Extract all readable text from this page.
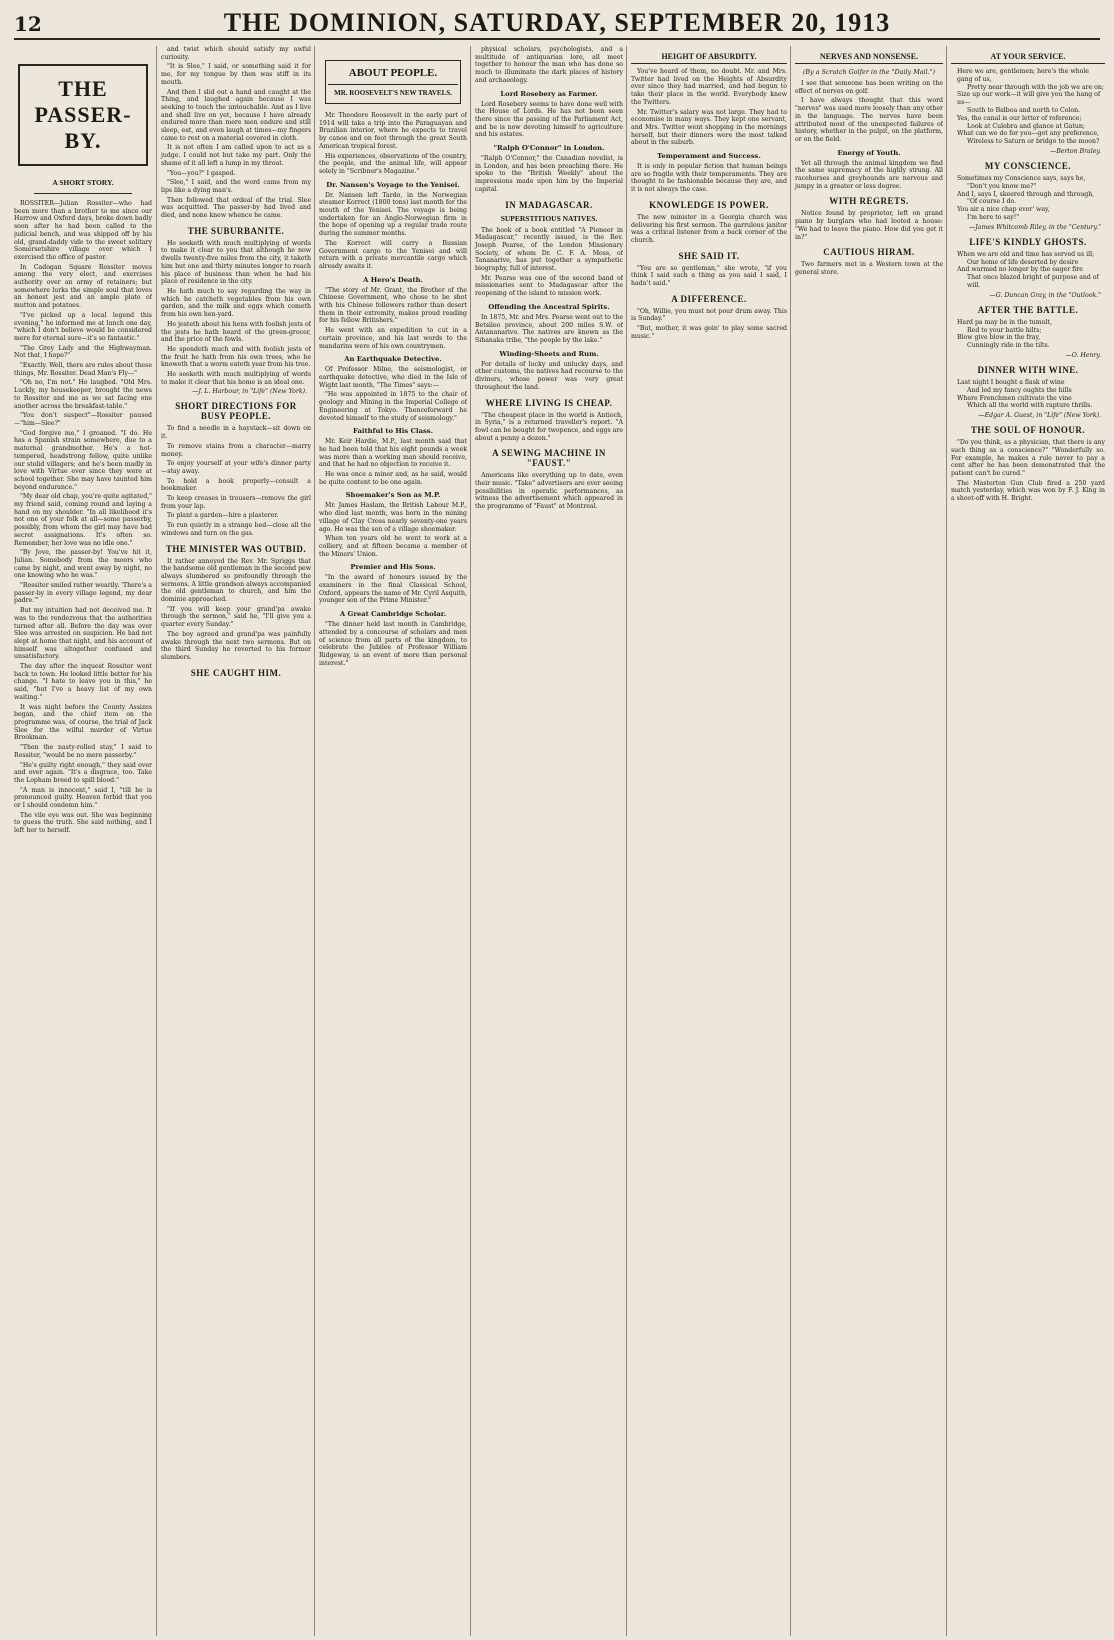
12	THE DOMINION, SATURDAY, SEPTEMBER 20, 1913
THE PASSER-BY.
A SHORT STORY.

ROSSITER—Julian Rossiter—who had been more than a brother to me since our Harrow and Oxford days, broke down badly soon after he had been called to the judicial bench, and was shipped off by his old, grand-daddy vide to the sweet solitary Somersetshire village over which I exercised the office of pastor.

In Cadogan Square Rossiter moves among the very elect, and exercises authority over an army of retainers; but somewhere lurks the simple soul that loves an honest jest and an ample plate of mutton and potatoes.

"I've picked up a local legend this evening," he informed me at lunch one day, "which I don't believe would be considered mere for eternal sure—it's so fantastic."

"The Grey Lady and the Highwayman. Not that, I hope?"

"Exactly. Well, there are rules about these things, Mr. Rossiter. Dead Man's Fly—"

"Oh no, I'm not." He laughed. "Old Mrs. Luckly, my housekeeper, brought the news to Rossiter and me as we sat facing one another across the breakfast-table."

"You don't suspect"—Rossiter paused—"him—Slee?"

"God forgive me," I groaned. "I do. He has a Spanish strain somewhere, due to a maternal grandmother. He's a hot-tempered, headstrong fellow, quite unlike our stolid villagers; and he's been madly in love with Virtue ever since they were at school together. She may have taunted him beyond endurance."

"My dear old chap, you're quite agitated," my friend said, coming round and laying a hand on my shoulder. "In all likelihood it's not one of your folk at all—some passerby, possibly, from whom the girl may have had secret assignations. It's often so. Remember, her love was no idle one."

"By Jove, the passer-by! You've hit it, Julian. Somebody from the moors who came by night, and went away by night, no one knowing who he was."

"Rossiter smiled rather wearily. 'There's a passer-by in every village legend, my dear padre.'"

But my intuition had not deceived me. It was to the rendezvous that the authorities turned after all. Before the day was over Slee was arrested on suspicion. He had not slept at home that night, and his account of himself was altogether confused and unsatisfactory.

The day after the inquest Rossiter went back to town. He looked little better for his change. "I hate to leave you in this," he said, "but I've a heavy list of my own waiting."

It was night before the County Assizes began, and the chief item on the programme was, of course, the trial of Jack Slee for the wilful murder of Virtue Brookman.

"Then the nasty-rolled stay," I said to Rossiter, "would be no mere passerby."

"He's guilty right enough," they said over and over again. "It's a disgrace, too. Take the Lopham breed to spill blood."

"A man is innocent," said I, "till he is pronounced guilty. Heaven forbid that you or I should condemn him."

The vile eye was out. She was beginning to guess the truth. She said nothing, and I left her to herself.

and twist which should satisfy my awful curiosity.

"It is Slee," I said, or something said it for me, for my tongue by then was stiff in its mouth.

And then I slid out a hand and caught at the Thing, and laughed again because I was seeking to touch the untouchable. And as I live and shall live on yet, because I have already endured more than mere men endure and still sleep, eat, and even laugh at times—my fingers came to rest on a material covered in cloth.

It is not often I am called upon to act as a judge. I could not but take my part. Only the shame of it all left a lump in my throat.

"You—you?" I gasped.

"Slee," I said, and the word came from my lips like a dying man's.

Then followed that ordeal of the trial. Slee was acquitted. The passer-by had lived and died, and none knew whence he came.

THE SUBURBANITE.

He seeketh with much multiplying of words to make it clear to you that although he now dwells twenty-five miles from the city, it taketh him but one and thirty minutes longer to reach his place of business than when he had his place of residence in the city.

He hath much to say regarding the way in which he catcheth vegetables from his own garden, and the milk and eggs which cometh from his own hen-yard.

He jesteth about his hens with foolish jests of the jests he hath heard of the green-grocer, and the price of the fowls.

He spendeth much and with foolish jests of the fruit he hath from his own trees, who he knoweth that a worm eateth year from his tree.

He seeketh with much multiplying of words to make it clear that his home is an ideal one.

—J. L. Harbour, in "Life" (New York).
SHORT DIRECTIONS FOR BUSY PEOPLE.

To find a needle in a haystack—sit down on it.

To remove stains from a character—marry money.

To enjoy yourself at your wife's dinner party—stay away.

To hold a book properly—consult a bookmaker.

To keep creases in trousers—remove the girl from your lap.

To plant a garden—hire a plasterer.

To run quietly in a strange bed—close all the windows and turn on the gas.

THE MINISTER WAS OUTBID.

It rather annoyed the Rev. Mr. Spriggs that the handsome old gentleman in the second pew always slumbered so profoundly through the sermons. A little grandson always accompanied the old gentleman to church, and him the dominie approached.

"If you will keep your grand'pa awake through the sermon," said he, "I'll give you a quarter every Sunday."

The boy agreed and grand'pa was painfully awake through the next two sermons. But on the third Sunday he reverted to his former slumbers.

SHE CAUGHT HIM.
ABOUT PEOPLE.
MR. ROOSEVELT'S NEW TRAVELS.

Mr. Theodore Roosevelt in the early part of 1914 will take a trip into the Paraguayan and Brazilian interior, where he expects to travel by canoe and on foot through the great South American tropical forest.

His experiences, observations of the country, the people, and the animal life, will appear solely in "Scribner's Magazine."

Dr. Nansen's Voyage to the Yenisei.

Dr. Nansen left Tardo, in the Norwegian steamer Korrect (1800 tons) last month for the mouth of the Yenisei. The voyage is being undertaken for an Anglo-Norwegian firm in the hope of opening up a regular trade route during the summer months.

The Korrect will carry a Russian Government cargo to the Yenisei and will return with a private mercantile cargo which already awaits it.

A Hero's Death.

"The story of Mr. Grant, the Brother of the Chinese Government, who chose to be shot with his Chinese followers rather than desert them in their extremity, makes proud reading for his fellow Britishers."

He went with an expedition to cut in a certain province, and his last words to the mandarins were of his own countrymen.

An Earthquake Detective.

Of Professor Milne, the seismologist, or earthquake detective, who died in the Isle of Wight last month, "The Times" says:—

"He was appointed in 1875 to the chair of geology and Mining in the Imperial College of Engineering at Tokyo. Thenceforward he devoted himself to the study of seismology."

Faithful to His Class.

Mr. Keir Hardie, M.P., last month said that he had been told that his eight pounds a week was more than a working man should receive, and that he had no objection to receive it.

He was once a miner and, as he said, would be quite content to be one again.

Shoemaker's Son as M.P.

Mr. James Haslam, the British Labour M.P., who died last month, was born in the mining village of Clay Cross nearly seventy-one years ago. He was the son of a village shoemaker.

When ten years old he went to work at a colliery, and at fifteen became a member of the Miners' Union.

Premier and His Sons.

"In the award of honours issued by the examiners in the final Classical School, Oxford, appears the name of Mr. Cyril Asquith, younger son of the Prime Minister."

A Great Cambridge Scholar.

"The dinner held last month in Cambridge, attended by a concourse of scholars and men of science from all parts of the kingdom, to celebrate the Jubilee of Professor William Ridgeway, is an event of more than personal interest."

physical scholars, psychologists, and a multitude of antiquarian lore, all meet together to honour the man who has done so much to illuminate the dark places of history and archaeology.

Lord Rosebery as Farmer.

Lord Rosebery seems to have done well with the House of Lords. He has not been seen there since the passing of the Parliament Act, and he is now devoting himself to agriculture and his estates.

"Ralph O'Connor" in London.

"Ralph O'Connor," the Canadian novelist, is in London, and has been preaching there. He spoke to the "British Weekly" about the impressions made upon him by the Imperial capital.

IN MADAGASCAR.
SUPERSTITIOUS NATIVES.

The book of a book entitled "A Pioneer in Madagascar," recently issued, is the Rev. Joseph Pearse, of the London Missionary Society, of whom Dr. C. F. A. Moss, of Tananarive, has put together a sympathetic biography, full of interest.

Mr. Pearse was one of the second band of missionaries sent to Madagascar after the reopening of the island to mission work.

Offending the Ancestral Spirits.

In 1875, Mr. and Mrs. Pearse went out to the Betsileo province, about 200 miles S.W. of Antananarivo. The natives are known as the Sihanaka tribe, "the people by the lake."

Winding-Sheets and Rum.

For details of lucky and unlucky days, and other customs, the natives had recourse to the diviners, whose power was very great throughout the land.

WHERE LIVING IS CHEAP.

"The cheapest place in the world is Antioch, in Syria," is a returned traveller's report. "A fowl can be bought for twopence, and eggs are about a penny a dozen."

A SEWING MACHINE IN "FAUST."

Americans like everything up to date, even their music. "Take" advertisers are ever seeing possibilities in operatic performances, as witness the advertisement which appeared in the programme of "Faust" at Montreal.

HEIGHT OF ABSURDITY.

You've heard of them, no doubt. Mr. and Mrs. Twitter had lived on the Heights of Absurdity ever since they had married, and had begun to take their place in the world. Everybody knew the Twitters.

Mr. Twitter's salary was not large. They had to economise in many ways. They kept one servant, and Mrs. Twitter went shopping in the mornings herself, but their dinners were the most talked about in the suburb.

Temperament and Success.

It is only in popular fiction that human beings are so fragile with their temperaments. They are thought to be fashionable because they are, and it is not always the case.

KNOWLEDGE IS POWER.

The new minister in a Georgia church was delivering his first sermon. The garrulous janitor was a critical listener from a back corner of the church.

SHE SAID IT.

"You are so gentleman," she wrote, "if you think I said such a thing as you said I said, I hadn't said."

A DIFFERENCE.

"Oh, Willie, you must not pour drum away. This is Sunday."

"But, mother, it was goin' to play some sacred music."

NERVES AND NONSENSE.
(By a Scratch Golfer in the "Daily Mail.")

I see that someone has been writing on the effect of nerves on golf.

I have always thought that this word "nerves" was used more loosely than any other in the language. The nerves have been attributed most of the unexpected failures of history, whether in the pulpit, on the platform, or on the field.

Energy of Youth.

Yet all through the animal kingdom we find the same supremacy of the highly strung. All racehorses and greyhounds are nervous and jumpy in a greater or less degree.

WITH REGRETS.

Notice found by proprietor, left on grand piano by burglars who had looted a house: "We had to leave the piano. How did you get it in?"

CAUTIOUS HIRAM.

Two farmers met in a Western town at the general store.

AT YOUR SERVICE.
Here we are, gentlemen; here's the whole gang of us,
Pretty near through with the job we are on;
Size up our work—it will give you the hang of us—
South to Balboa and north to Colon.
Yes, the canal is our letter of reference;
Look at Culebra and glance at Gatun;
What can we do for you—got any preference,
Wireless to Saturn or bridge to the moon?
—Berton Braley.
MY CONSCIENCE.
Sometimes my Conscience says, says he,
"Don't you know me?"
And I, says I, skeered through and through,
"Of course I do.
You air a nice chap ever' way,
I'm here to say!"
—James Whitcomb Riley, in the "Century."
LIFE'S KINDLY GHOSTS.
When we are old and time has served us ill;
Our home of life deserted by desire
And warmed no longer by the eager fire
That once blazed bright of purpose and of will.
—G. Duncan Gray, in the "Outlook."
AFTER THE BATTLE.
Hard pa may be in the tumult,
Red to your battle hilts;
Blow give blow in the fray,
Cunningly ride in the tilts.
—O. Henry.
DINNER WITH WINE.
Last night I bought a flask of wine
And led my fancy oughts the hills
Where Frenchmen cultivate the vine
Which all the world with rapture thrills.
—Edgar A. Guest, in "Life" (New York).
THE SOUL OF HONOUR.

"Do you think, as a physician, that there is any such thing as a conscience?" "Wonderfully so. For example, he makes a rule never to pay a cent after he has been demonstrated that the patient can't be cured."

The Masterton Gun Club fired a 250 yard match yesterday, which was won by F. J. King in a shoot-off with H. Bright.
